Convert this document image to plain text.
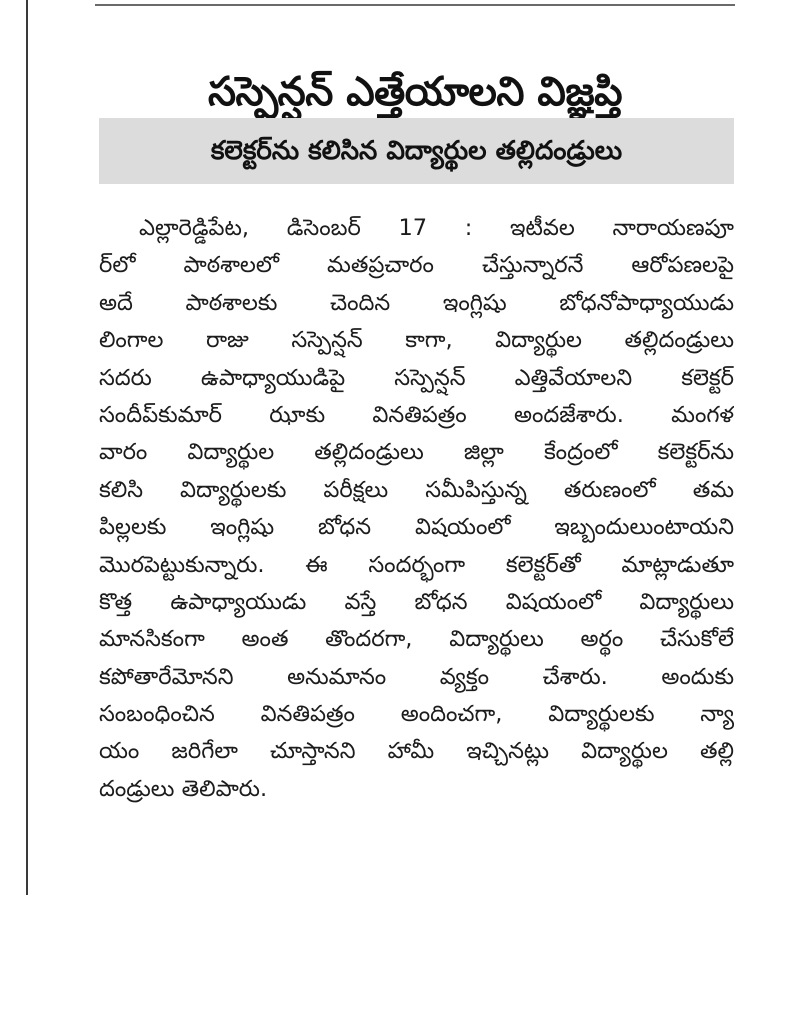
సస్పెన్షన్‌ ఎత్తేయాలని విజ్ఞప్తి
కలెక్టర్‌ను కలిసిన విద్యార్థుల తల్లిదండ్రులు
ఎల్లారెడ్డిపేట, డిసెంబర్‌ 17 : ఇటీవల నారాయణపూ
ర్‌లో పాఠశాలలో మతప్రచారం చేస్తున్నారనే ఆరోపణలపై
అదే పాఠశాలకు చెందిన ఇంగ్లిషు బోధనోపాధ్యాయుడు
లింగాల రాజు సస్పెన్షన్‌ కాగా, విద్యార్థుల తల్లిదండ్రులు
సదరు ఉపాధ్యాయుడిపై సస్పెన్షన్‌ ఎత్తివేయాలని కలెక్టర్‌
సందీప్‌కుమార్‌ ఝాకు వినతిపత్రం అందజేశారు. మంగళ
వారం విద్యార్థుల తల్లిదండ్రులు జిల్లా కేంద్రంలో కలెక్టర్‌ను
కలిసి విద్యార్థులకు పరీక్షలు సమీపిస్తున్న తరుణంలో తమ
పిల్లలకు ఇంగ్లిషు బోధన విషయంలో ఇబ్బందులుంటాయని
మొరపెట్టుకున్నారు. ఈ సందర్భంగా కలెక్టర్‌తో మాట్లాడుతూ
కొత్త ఉపాధ్యాయుడు వస్తే బోధన విషయంలో విద్యార్థులు
మానసికంగా అంత తొందరగా, విద్యార్థులు అర్థం చేసుకోలే
కపోతారేమోనని అనుమానం వ్యక్తం చేశారు. అందుకు
సంబంధించిన వినతిపత్రం అందించగా, విద్యార్థులకు న్యా
యం జరిగేలా చూస్తానని హామీ ఇచ్చినట్లు విద్యార్థుల తల్లి
దండ్రులు తెలిపారు.
